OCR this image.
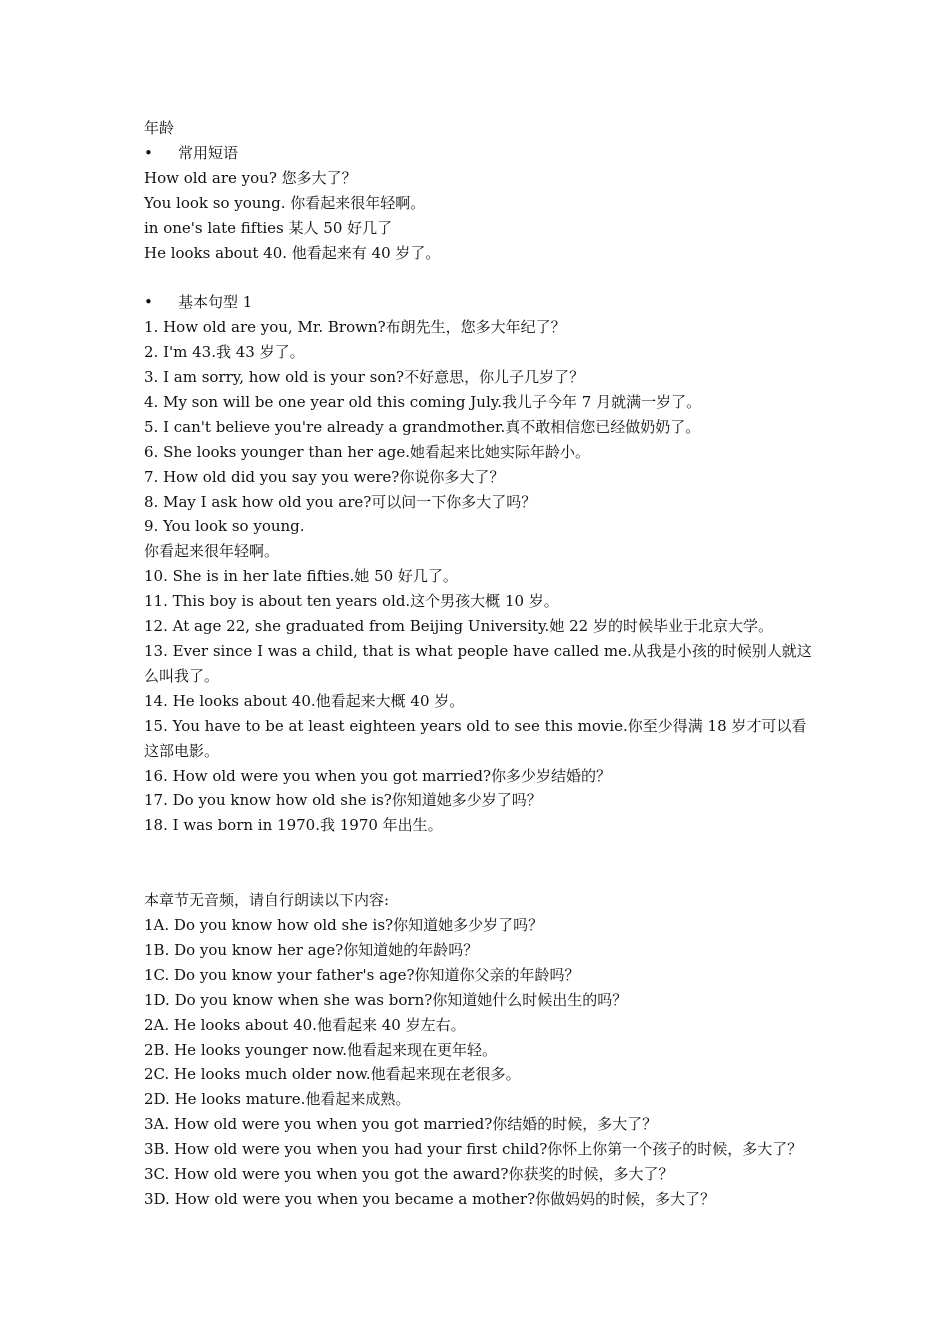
年龄
• 常用短语
How old are you? 您多大了？
You look so young. 你看起来很年轻啊。
in one's late fifties 某人 50 好几了
He looks about 40. 他看起来有 40 岁了。
• 基本句型 1
1. How old are you, Mr. Brown?布朗先生，您多大年纪了？
2. I'm 43.我 43 岁了。
3. I am sorry, how old is your son?不好意思，你儿子几岁了？
4. My son will be one year old this coming July.我儿子今年 7 月就满一岁了。
5. I can't believe you're already a grandmother.真不敢相信您已经做奶奶了。
6. She looks younger than her age.她看起来比她实际年龄小。
7. How old did you say you were?你说你多大了？
8. May I ask how old you are?可以问一下你多大了吗？
9. You look so young.
你看起来很年轻啊。
10. She is in her late fifties.她 50 好几了。
11. This boy is about ten years old.这个男孩大概 10 岁。
12. At age 22, she graduated from Beijing University.她 22 岁的时候毕业于北京大学。
13. Ever since I was a child, that is what people have called me.从我是小孩的时候别人就这么叫我了。
14. He looks about 40.他看起来大概 40 岁。
15. You have to be at least eighteen years old to see this movie.你至少得满 18 岁才可以看这部电影。
16. How old were you when you got married?你多少岁结婚的？
17. Do you know how old she is?你知道她多少岁了吗？
18. I was born in 1970.我 1970 年出生。
本章节无音频，请自行朗读以下内容:
1A. Do you know how old she is?你知道她多少岁了吗？
1B. Do you know her age?你知道她的年龄吗？
1C. Do you know your father's age?你知道你父亲的年龄吗？
1D. Do you know when she was born?你知道她什么时候出生的吗？
2A. He looks about 40.他看起来 40 岁左右。
2B. He looks younger now.他看起来现在更年轻。
2C. He looks much older now.他看起来现在老很多。
2D. He looks mature.他看起来成熟。
3A. How old were you when you got married?你结婚的时候，多大了？
3B. How old were you when you had your first child?你怀上你第一个孩子的时候，多大了？
3C. How old were you when you got the award?你获奖的时候，多大了？
3D. How old were you when you became a mother?你做妈妈的时候，多大了？
